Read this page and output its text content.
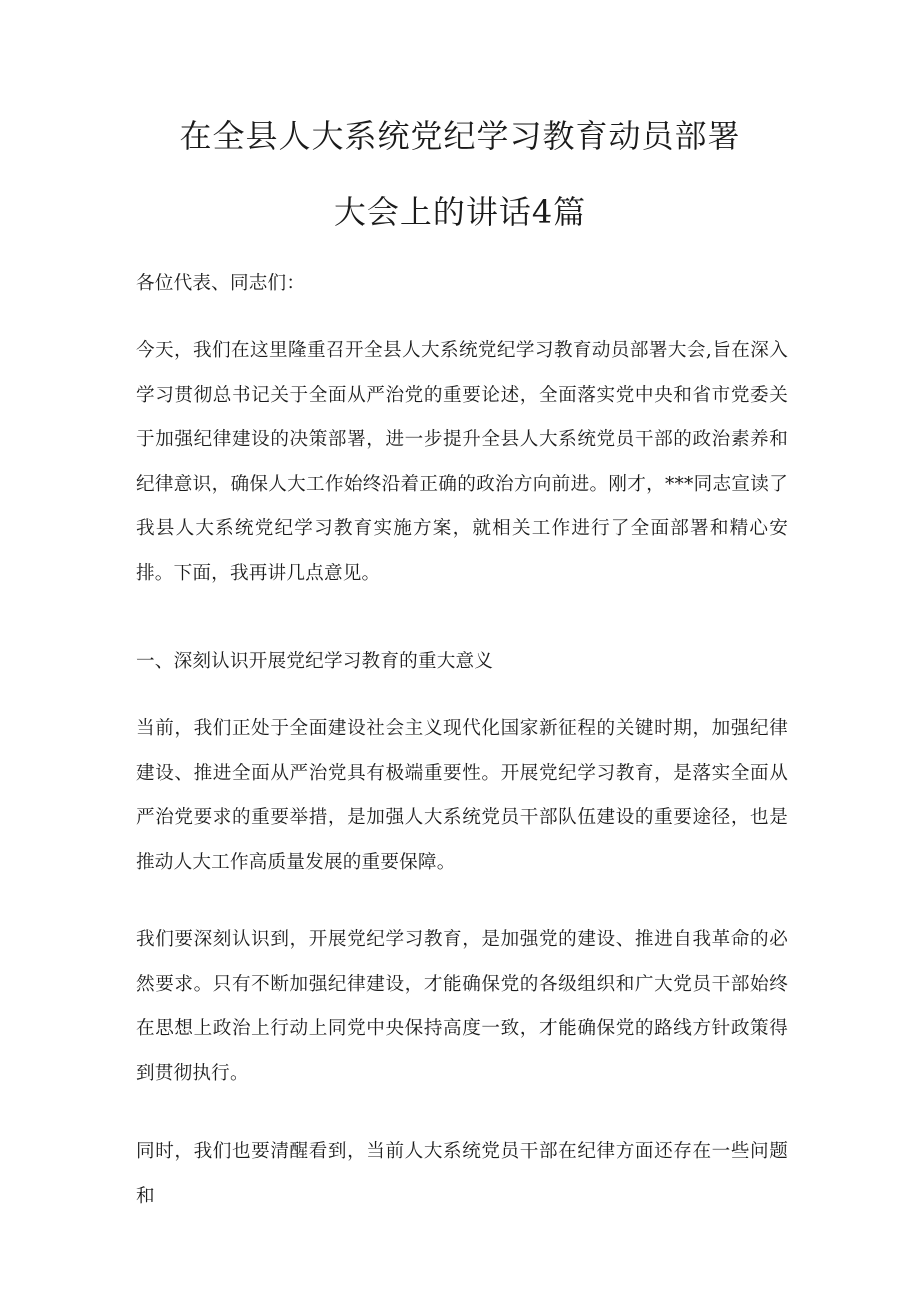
在全县人大系统党纪学习教育动员部署
大会上的讲话4篇

各位代表、同志们：

今天，我们在这里隆重召开全县人大系统党纪学习教育动员部署大会,旨在深入学习贯彻总书记关于全面从严治党的重要论述，全面落实党中央和省市党委关于加强纪律建设的决策部署，进一步提升全县人大系统党员干部的政治素养和纪律意识，确保人大工作始终沿着正确的政治方向前进。刚才，***同志宣读了我县人大系统党纪学习教育实施方案，就相关工作进行了全面部署和精心安排。下面，我再讲几点意见。

一、深刻认识开展党纪学习教育的重大意义

当前，我们正处于全面建设社会主义现代化国家新征程的关键时期，加强纪律建设、推进全面从严治党具有极端重要性。开展党纪学习教育，是落实全面从严治党要求的重要举措，是加强人大系统党员干部队伍建设的重要途径，也是推动人大工作高质量发展的重要保障。

我们要深刻认识到，开展党纪学习教育，是加强党的建设、推进自我革命的必然要求。只有不断加强纪律建设，才能确保党的各级组织和广大党员干部始终在思想上政治上行动上同党中央保持高度一致，才能确保党的路线方针政策得到贯彻执行。

同时，我们也要清醒看到，当前人大系统党员干部在纪律方面还存在一些问题和
